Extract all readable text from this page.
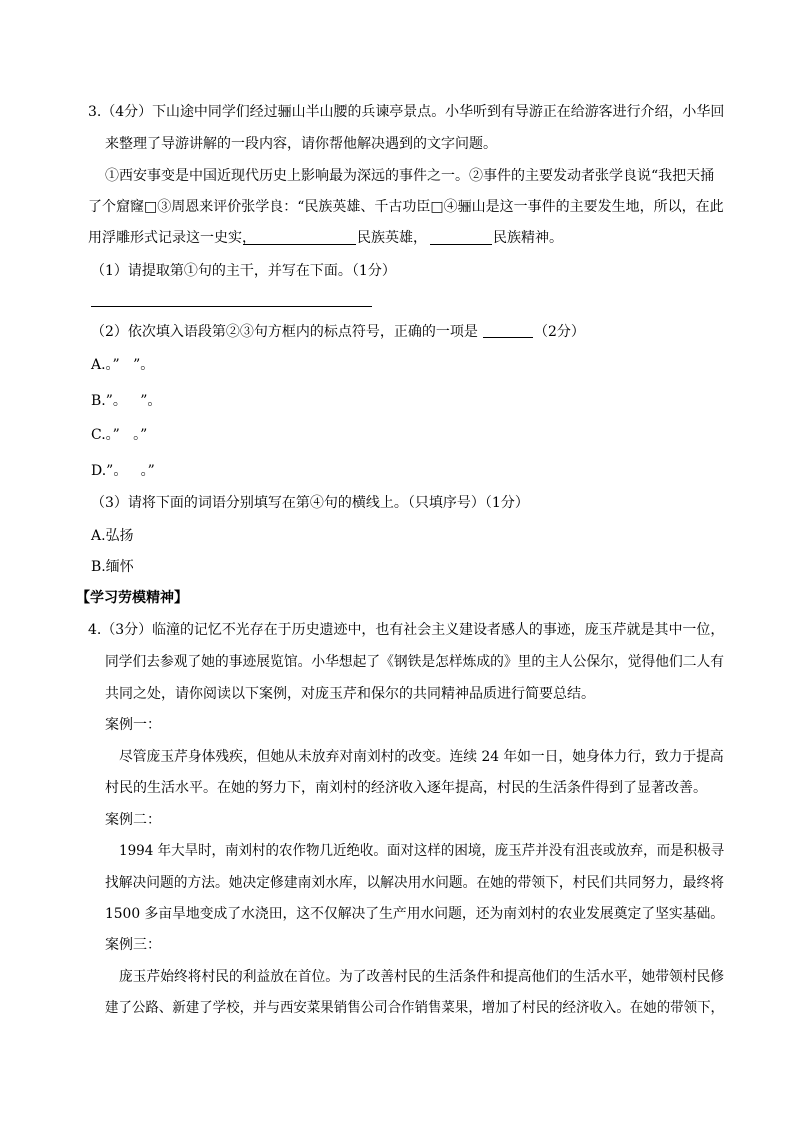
3.（4分）下山途中同学们经过骊山半山腰的兵谏亭景点。小华听到有导游正在给游客进行介绍，小华回
来整理了导游讲解的一段内容，请你帮他解决遇到的文字问题。
①西安事变是中国近现代历史上影响最为深远的事件之一。②事件的主要发动者张学良说“我把天捅
了个窟窿□③周恩来评价张学良：“民族英雄、千古功臣□④骊山是这一事件的主要发生地，所以，在此
用浮雕形式记录这一史实，	民族英雄，	民族精神。
（1）请提取第①句的主干，并写在下面。（1分）
（2）依次填入语段第②③句方框内的标点符号，正确的一项是	（2分）
A.。”   ”。
B.”。   ”。
C.。”   。”
D.”。   。”
（3）请将下面的词语分别填写在第④句的横线上。（只填序号）（1分）
A.弘扬
B.缅怀
【学习劳模精神】
4.（3分）临潼的记忆不光存在于历史遗迹中，也有社会主义建设者感人的事迹，庞玉芹就是其中一位，
同学们去参观了她的事迹展览馆。小华想起了《钢铁是怎样炼成的》里的主人公保尔，觉得他们二人有
共同之处，请你阅读以下案例，对庞玉芹和保尔的共同精神品质进行简要总结。
案例一：
尽管庞玉芹身体残疾，但她从未放弃对南刘村的改变。连续 24 年如一日，她身体力行，致力于提高
村民的生活水平。在她的努力下，南刘村的经济收入逐年提高，村民的生活条件得到了显著改善。
案例二：
1994 年大旱时，南刘村的农作物几近绝收。面对这样的困境，庞玉芹并没有沮丧或放弃，而是积极寻
找解决问题的方法。她决定修建南刘水库，以解决用水问题。在她的带领下，村民们共同努力，最终将
1500 多亩旱地变成了水浇田，这不仅解决了生产用水问题，还为南刘村的农业发展奠定了坚实基础。
案例三：
庞玉芹始终将村民的利益放在首位。为了改善村民的生活条件和提高他们的生活水平，她带领村民修
建了公路、新建了学校，并与西安菜果销售公司合作销售菜果，增加了村民的经济收入。在她的带领下，
